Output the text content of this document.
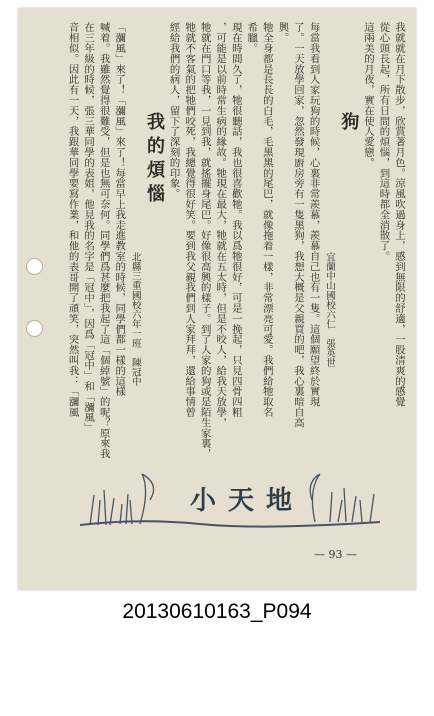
我就就在月下散步，欣賞著月色。涼風吹過身上，感到無限的舒適，一股清爽的感覺
從心頭長起，所有日間的煩惱，到這時都全消散了。
這兩美的月夜，實在使人愛戀。
狗
宜蘭中山國校六仁　張英世
每當我看到人家玩狗的時候，心裏非常羨慕，羨慕自己也有一隻。這個願望終於實現
了。一天放學回家，忽然發現廚房旁有一隻黑狗，我想大概是父親買的吧，我心裏暗自高
興。
牠全身都是長長的白毛，毛黑黑的尾巴，就像拖着一樣，非常漂亮可愛。我們給牠取名
希臘。
現在時間久了，牠很聽話，我也很喜歡牠。我以爲牠很好，可是一挽起，只見四骨四粗
，可能是以前時常生病的緣故。牠現在最大，牠就在五太時，但是不咬人，給我天放學，
牠就在門口等我，一見到我，就搖擺身尾巴。好像很高興的樣子。到了人家的狗或是陌生家裏，
牠就不客氣的把牠們咬死，我總覺得很好笑。要到我父親我們到人家拜拜，還給事情曾
經給我們的病人，留下了深刻的印象。
我的煩惱
北縣三重國校六年一班　陳冠中
「瀰風」來了！「瀰風」來了！每當早上我走進教室的時候，同學們都一樣的這樣
喊着。我雖然覺得很難受，但是也無可奈何。同學們爲甚麼把我起了這「個綽號」的呢？原來我
在三年級的時候，張三華同學的表姐，他見我的名字是「冠中」，因爲「冠中」和「瀰風」
音相似。因此有一天，我跟華同學要寫作業，和他的表哥開了頑笑，突然叫我：「瀰風
小天地
— 93 —
20130610163_P094
